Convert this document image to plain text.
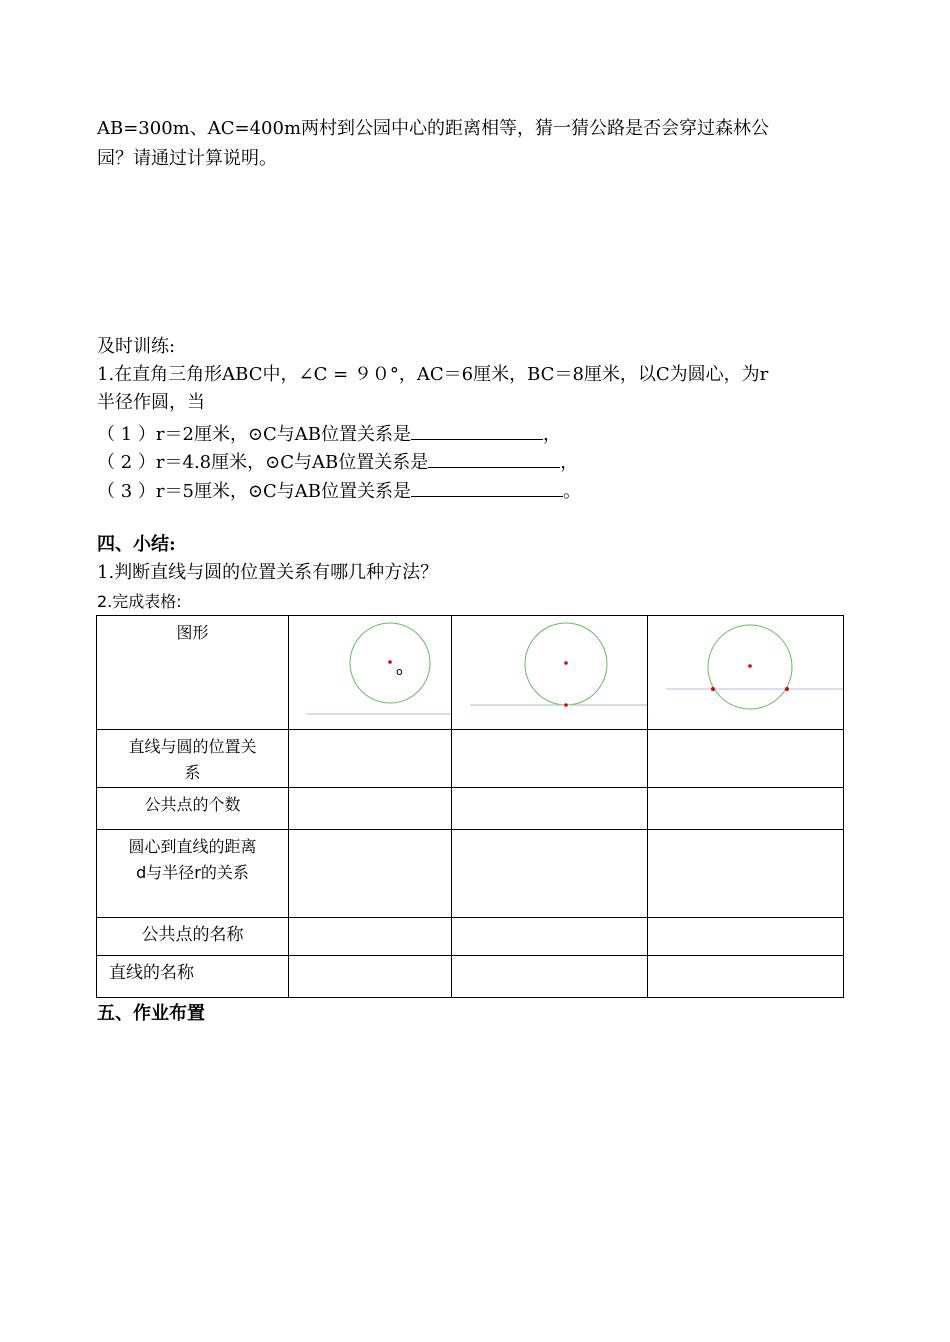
AB=300m、AC=400m两村到公园中心的距离相等，猜一猜公路是否会穿过森林公
园？请通过计算说明。
及时训练:
1.在直角三角形ABC中，∠C = ９０°，AC＝6厘米，BC＝8厘米，以C为圆心，为r
半径作圆，当
（ 1 ）r＝2厘米，⊙C与AB位置关系是	，
（ 2 ）r＝4.8厘米，⊙C与AB位置关系是	，
（ 3 ）r＝5厘米，⊙C与AB位置关系是	。
四、小结:
1.判断直线与圆的位置关系有哪几种方法？
2.完成表格:
图形	o

直线与圆的位置关
系			

公共点的个数			

圆心到直线的距离
d与半径r的关系			

公共点的名称			
直线的名称			
五、作业布置
